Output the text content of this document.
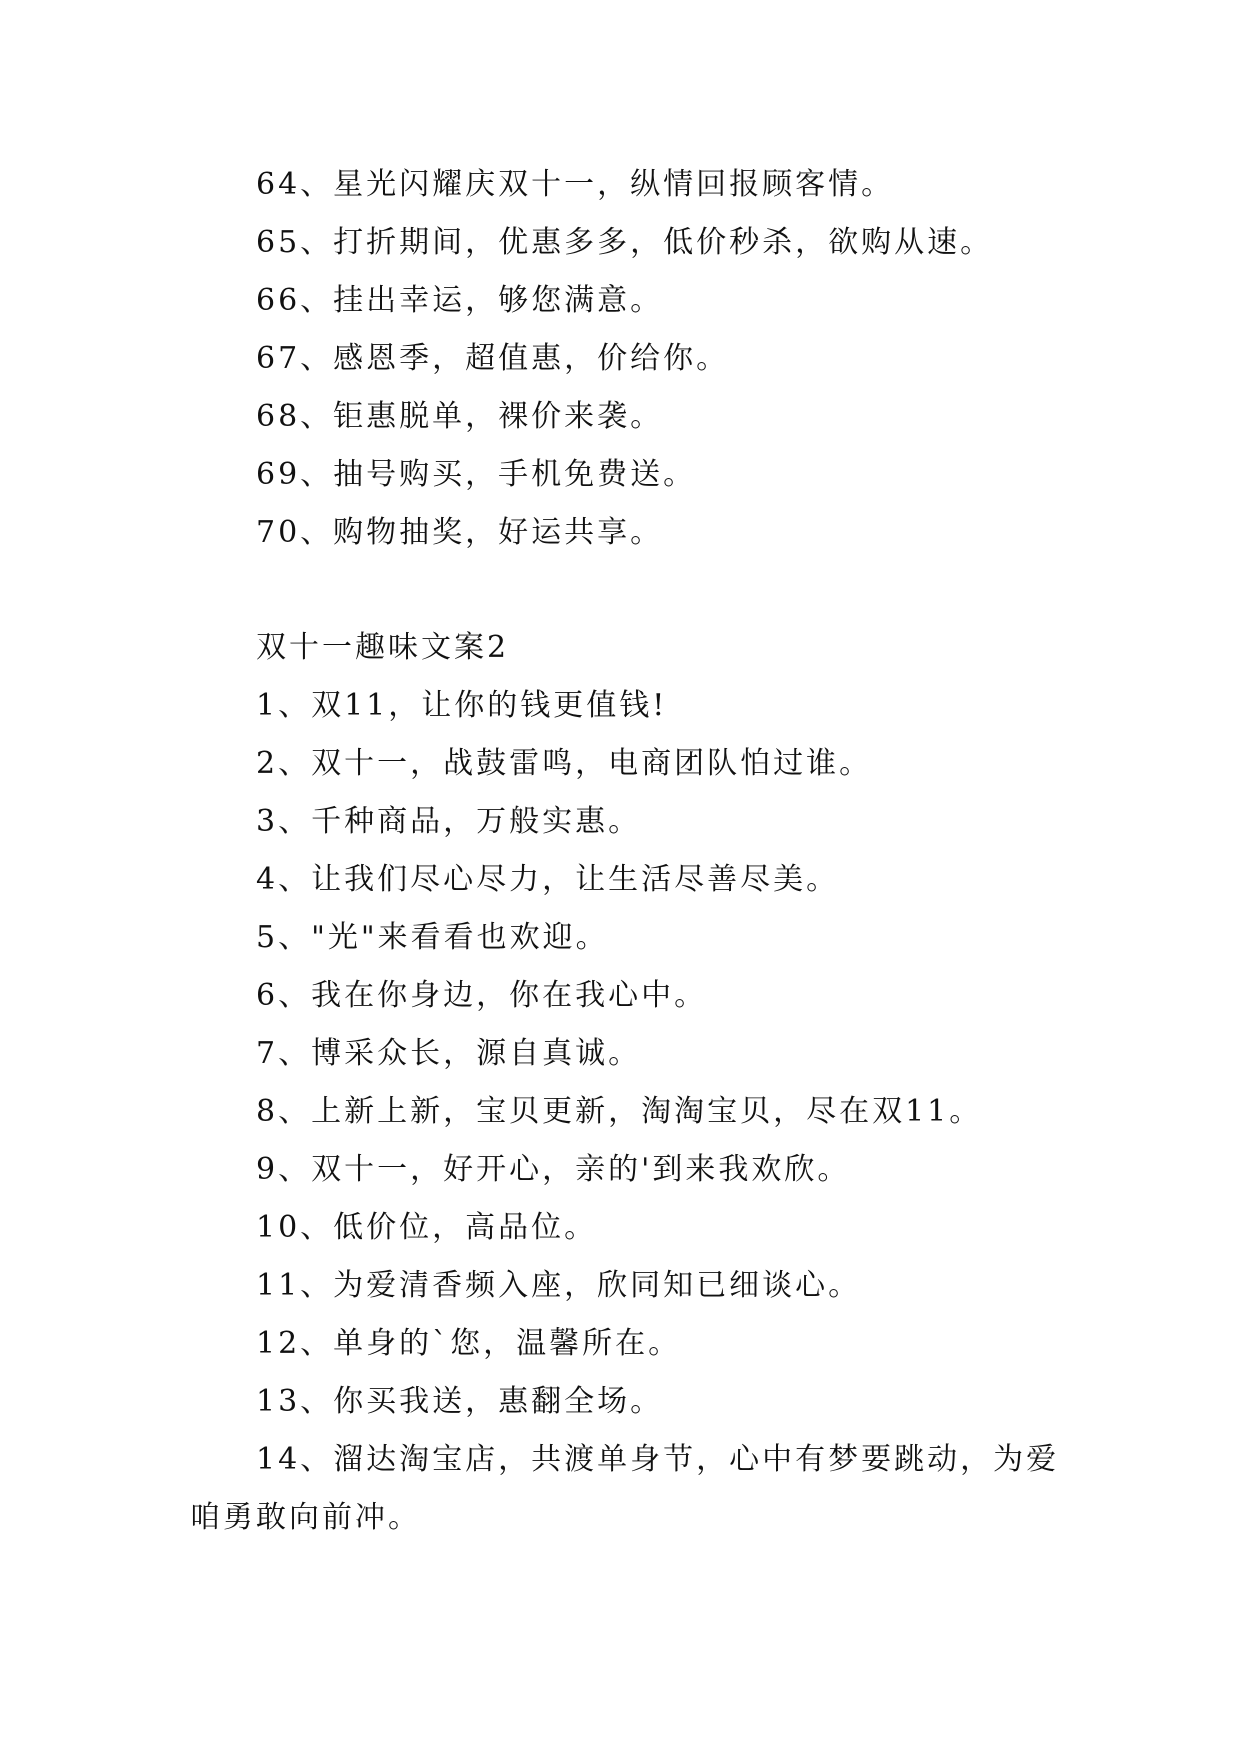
64、星光闪耀庆双十一，纵情回报顾客情。
65、打折期间，优惠多多，低价秒杀，欲购从速。
66、挂出幸运，够您满意。
67、感恩季，超值惠，价给你。
68、钜惠脱单，裸价来袭。
69、抽号购买，手机免费送。
70、购物抽奖，好运共享。
双十一趣味文案2
1、双11，让你的钱更值钱!
2、双十一，战鼓雷鸣，电商团队怕过谁。
3、千种商品，万般实惠。
4、让我们尽心尽力，让生活尽善尽美。
5、"光"来看看也欢迎。
6、我在你身边，你在我心中。
7、博采众长，源自真诚。
8、上新上新，宝贝更新，淘淘宝贝，尽在双11。
9、双十一，好开心，亲的'到来我欢欣。
10、低价位，高品位。
11、为爱清香频入座，欣同知已细谈心。
12、单身的`您，温馨所在。
13、你买我送，惠翻全场。
14、溜达淘宝店，共渡单身节，心中有梦要跳动，为爱咱勇敢向前冲。
